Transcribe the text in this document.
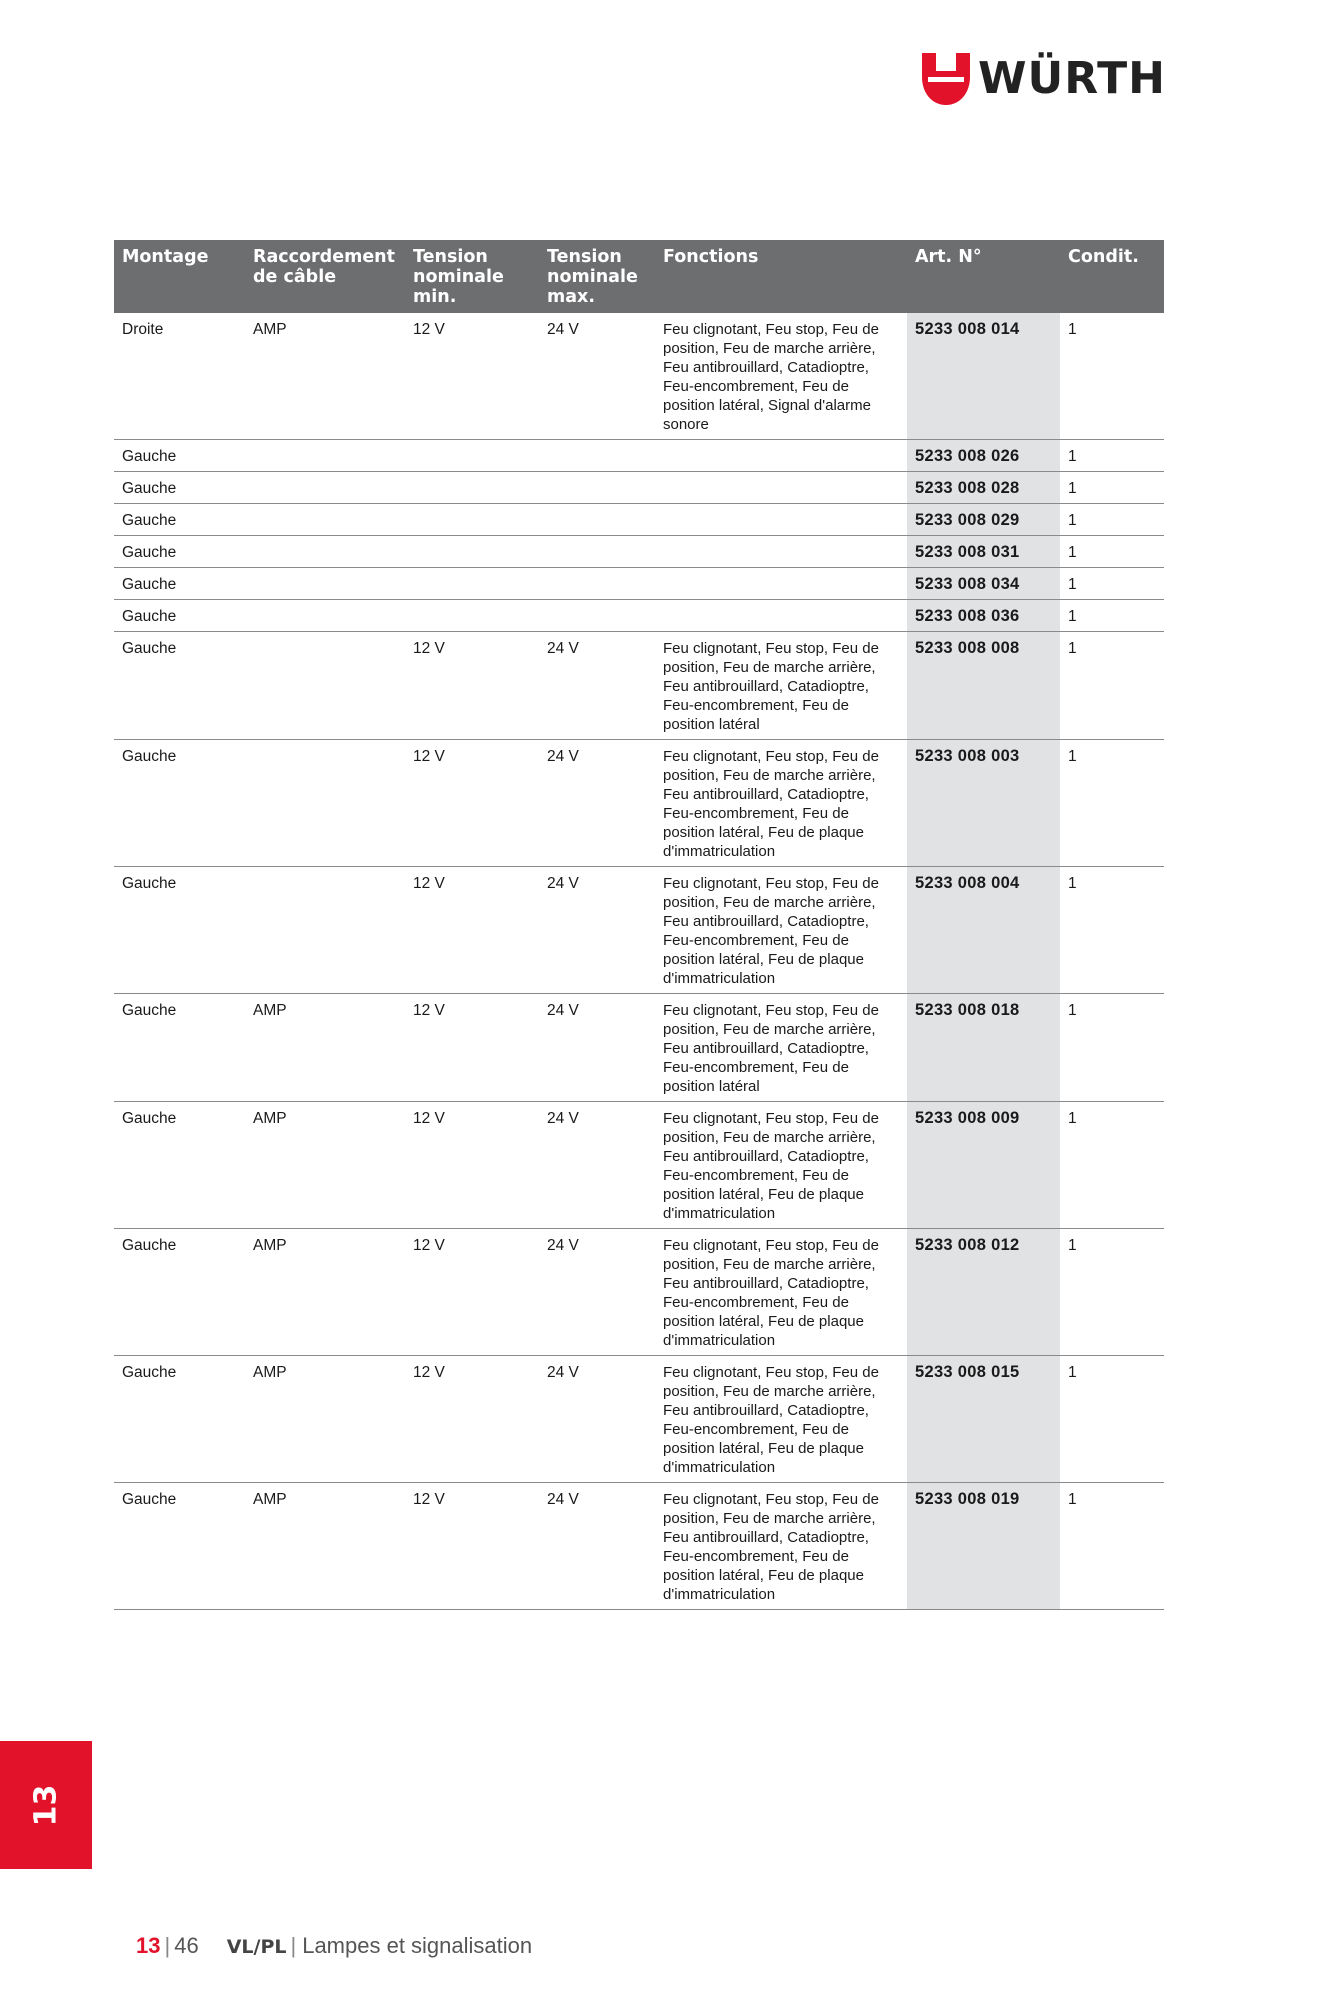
WÜRTH
Montage	Raccordement de câble	Tension nominale min.	Tension nominale max.	Fonctions	Art. N°	Condit.
Droite	AMP	12 V	24 V	Feu clignotant, Feu stop, Feu de position, Feu de marche arrière, Feu antibrouillard, Catadioptre, Feu-encombrement, Feu de position latéral, Signal d'alarme sonore	5233 008 014	1
Gauche					5233 008 026	1
Gauche					5233 008 028	1
Gauche					5233 008 029	1
Gauche					5233 008 031	1
Gauche					5233 008 034	1
Gauche					5233 008 036	1
Gauche		12 V	24 V	Feu clignotant, Feu stop, Feu de position, Feu de marche arrière, Feu antibrouillard, Catadioptre, Feu-encombrement, Feu de position latéral	5233 008 008	1
Gauche		12 V	24 V	Feu clignotant, Feu stop, Feu de position, Feu de marche arrière, Feu antibrouillard, Catadioptre, Feu-encombrement, Feu de position latéral, Feu de plaque d'immatriculation	5233 008 003	1
Gauche		12 V	24 V	Feu clignotant, Feu stop, Feu de position, Feu de marche arrière, Feu antibrouillard, Catadioptre, Feu-encombrement, Feu de position latéral, Feu de plaque d'immatriculation	5233 008 004	1
Gauche	AMP	12 V	24 V	Feu clignotant, Feu stop, Feu de position, Feu de marche arrière, Feu antibrouillard, Catadioptre, Feu-encombrement, Feu de position latéral	5233 008 018	1
Gauche	AMP	12 V	24 V	Feu clignotant, Feu stop, Feu de position, Feu de marche arrière, Feu antibrouillard, Catadioptre, Feu-encombrement, Feu de position latéral, Feu de plaque d'immatriculation	5233 008 009	1
Gauche	AMP	12 V	24 V	Feu clignotant, Feu stop, Feu de position, Feu de marche arrière, Feu antibrouillard, Catadioptre, Feu-encombrement, Feu de position latéral, Feu de plaque d'immatriculation	5233 008 012	1
Gauche	AMP	12 V	24 V	Feu clignotant, Feu stop, Feu de position, Feu de marche arrière, Feu antibrouillard, Catadioptre, Feu-encombrement, Feu de position latéral, Feu de plaque d'immatriculation	5233 008 015	1
Gauche	AMP	12 V	24 V	Feu clignotant, Feu stop, Feu de position, Feu de marche arrière, Feu antibrouillard, Catadioptre, Feu-encombrement, Feu de position latéral, Feu de plaque d'immatriculation	5233 008 019	1
13
13 | 46 VL/PL | Lampes et signalisation
